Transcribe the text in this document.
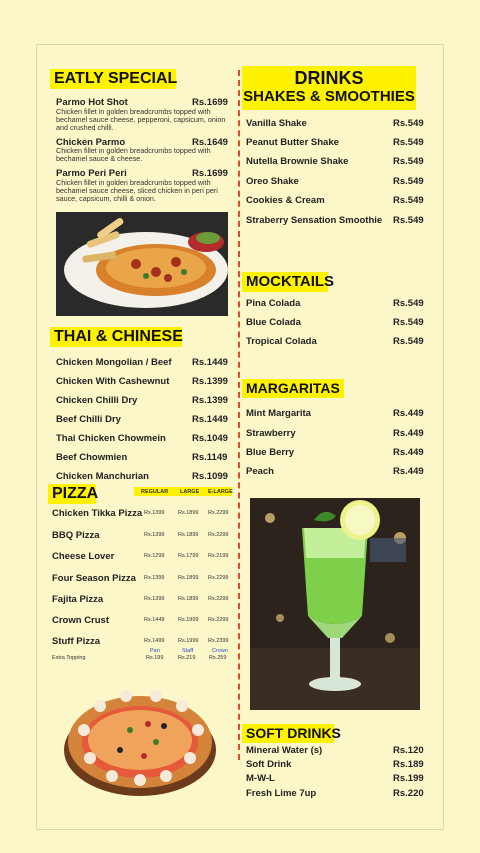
EATLY SPECIAL
Parmo Hot Shot	Rs.1699
Chicken fillet in golden breadcrumbs topped with bechamel sauce cheese, pepperoni, capsicum, onion and crushed chilli.
Chicken Parmo	Rs.1649
Chicken fillet in golden breadcrumbs topped with bechamel sauce & cheese.
Parmo Peri Peri	Rs.1699
Chicken fillet in golden breadcrumbs topped with bechamel sauce cheese, sliced chicken in peri peri sauce, capsicum, chilli & onion.
THAI & CHINESE
Chicken Mongolian / Beef Rs.1449
Chicken With Cashewnut Rs.1399
Chicken Chilli Dry	Rs.1399
Beef Chilli Dry	Rs.1449
Thai Chicken Chowmein	Rs.1049
Beef Chowmien	Rs.1149
Chicken Manchurian	Rs.1099
PIZZA	REGULAR LARGE E-LARGE
Chicken Tikka Pizza Rs.1399 Rs.1899 Rs.2299
BBQ Pizza	Rs.1399 Rs.1899 Rs.2299
Cheese Lover	Rs.1299 Rs.1799 Rs.2199
Four Season Pizza Rs.1399 Rs.1899 Rs.2299
Fajita Pizza	Rs.1399 Rs.1899 Rs.2299
Crown Crust	Rs.1449 Rs.1999 Rs.2299
Stuff Pizza	Rs.1499 Rs.1999 Rs.2399
Pan	Staff	Crown
Extra Topping	Rs.199	Rs.219 Rs.259
DRINKS
SHAKES & SMOOTHIES
Vanilla Shake	Rs.549
Peanut Butter Shake	Rs.549
Nutella Brownie Shake	Rs.549
Oreo Shake	Rs.549
Cookies & Cream	Rs.549
Straberry Sensation Smoothie Rs.549
MOCKTAILS
Pina Colada	Rs.549
Blue Colada	Rs.549
Tropical Colada	Rs.549
MARGARITAS
Mint Margarita	Rs.449
Strawberry	Rs.449
Blue Berry	Rs.449
Peach	Rs.449
SOFT DRINKS
Mineral Water (s)	Rs.120
Soft Drink	Rs.189
M-W-L	Rs.199
Fresh Lime 7up	Rs.220
